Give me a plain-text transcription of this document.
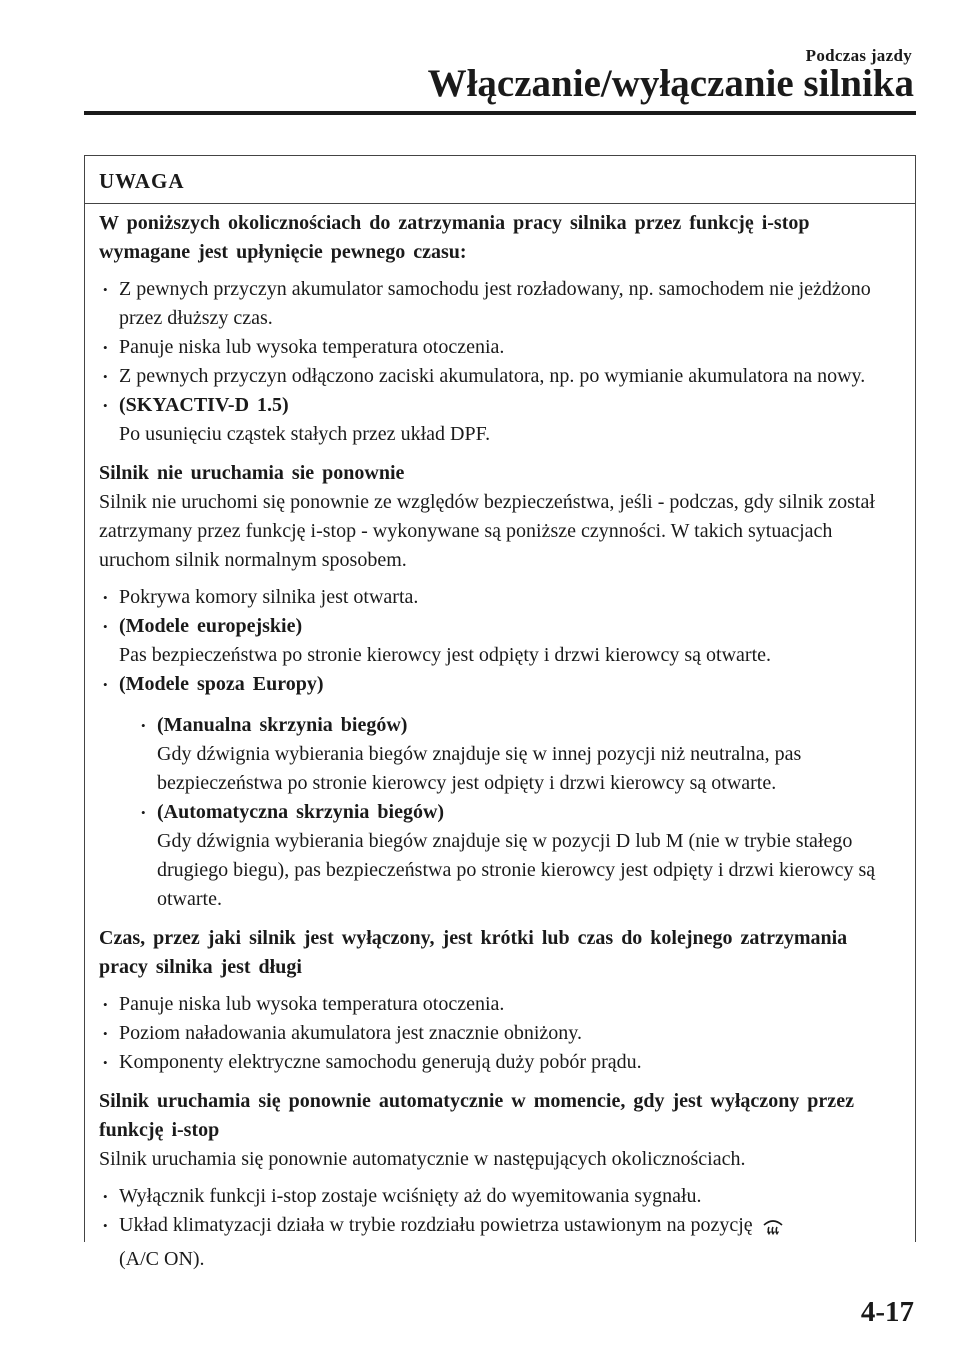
Podczas jazdy
Włączanie/wyłączanie silnika
UWAGA

W poniższych okolicznościach do zatrzymania pracy silnika przez funkcję i-stop wymagane jest upłynięcie pewnego czasu:

• Z pewnych przyczyn akumulator samochodu jest rozładowany, np. samochodem nie jeżdżono przez dłuższy czas.
• Panuje niska lub wysoka temperatura otoczenia.
• Z pewnych przyczyn odłączono zaciski akumulatora, np. po wymianie akumulatora na nowy.
• (SKYACTIV-D 1.5)
Po usunięciu cząstek stałych przez układ DPF.

Silnik nie uruchamia sie ponownie

Silnik nie uruchomi się ponownie ze względów bezpieczeństwa, jeśli - podczas, gdy silnik został zatrzymany przez funkcję i-stop - wykonywane są poniższe czynności. W takich sytuacjach uruchom silnik normalnym sposobem.

• Pokrywa komory silnika jest otwarta.
• (Modele europejskie)
Pas bezpieczeństwa po stronie kierowcy jest odpięty i drzwi kierowcy są otwarte.
• (Modele spoza Europy)
• (Manualna skrzynia biegów)
Gdy dźwignia wybierania biegów znajduje się w innej pozycji niż neutralna, pas bezpieczeństwa po stronie kierowcy jest odpięty i drzwi kierowcy są otwarte.
• (Automatyczna skrzynia biegów)
Gdy dźwignia wybierania biegów znajduje się w pozycji D lub M (nie w trybie stałego drugiego biegu), pas bezpieczeństwa po stronie kierowcy jest odpięty i drzwi kierowcy są otwarte.

Czas, przez jaki silnik jest wyłączony, jest krótki lub czas do kolejnego zatrzymania pracy silnika jest długi

• Panuje niska lub wysoka temperatura otoczenia.
• Poziom naładowania akumulatora jest znacznie obniżony.
• Komponenty elektryczne samochodu generują duży pobór prądu.

Silnik uruchamia się ponownie automatycznie w momencie, gdy jest wyłączony przez funkcję i-stop

Silnik uruchamia się ponownie automatycznie w następujących okolicznościach.

• Wyłącznik funkcji i-stop zostaje wciśnięty aż do wyemitowania sygnału.
• Układ klimatyzacji działa w trybie rozdziału powietrza ustawionym na pozycję
(A/C ON).
4-17
